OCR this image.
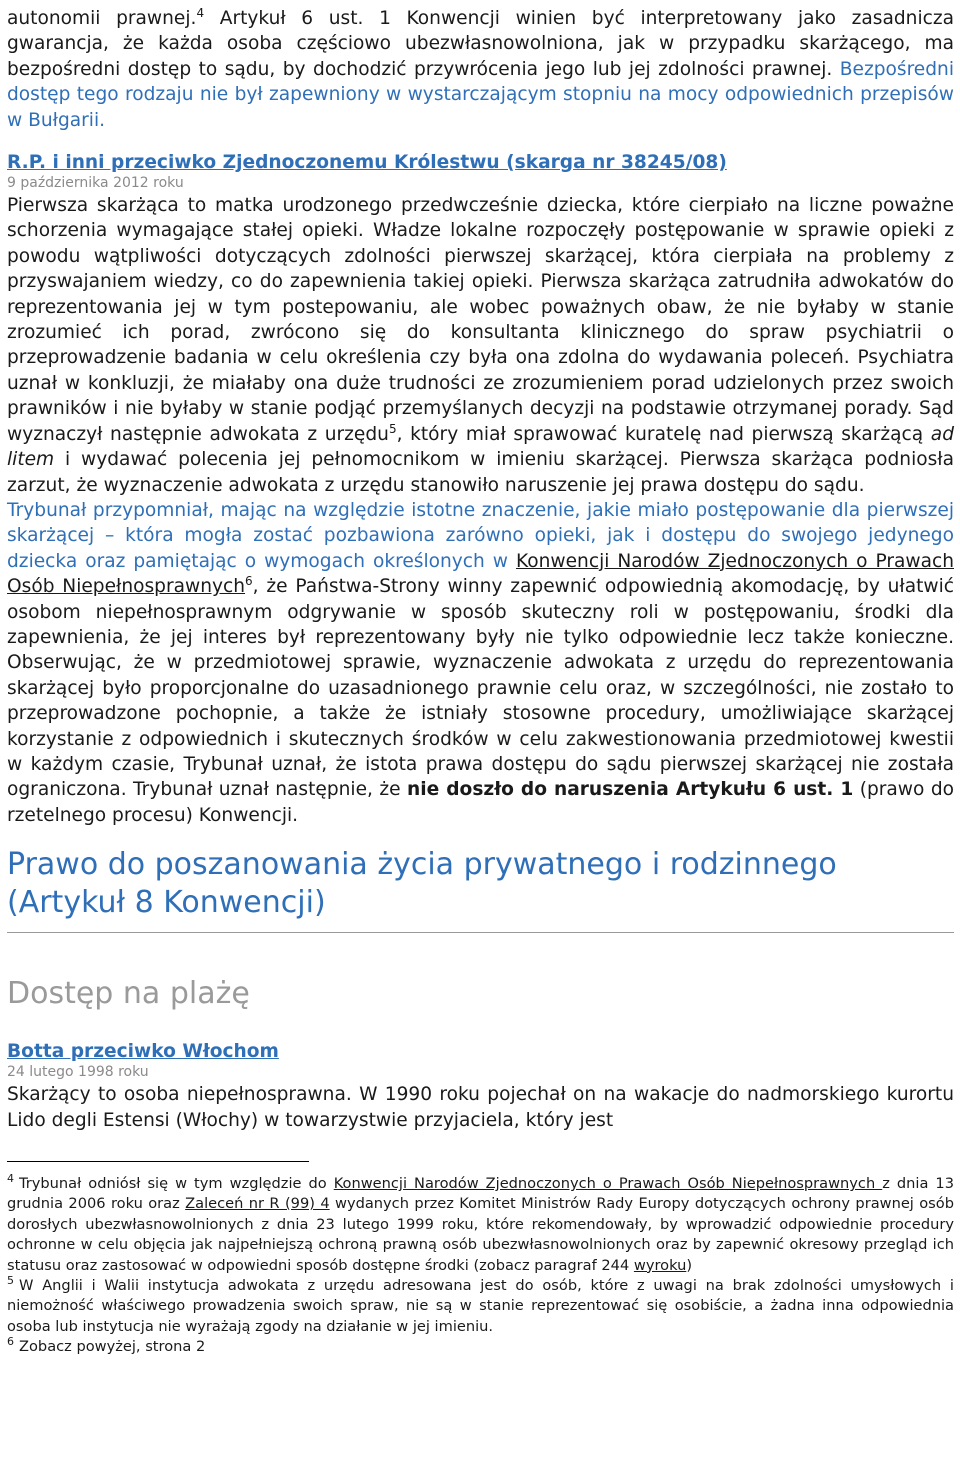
autonomii prawnej.$^4$ Artykuł 6 ust. 1 Konwencji winien być interpretowany jako zasadnicza gwarancja, że każda osoba częściowo ubezwłasnowolniona, jak w przypadku skarżącego, ma bezpośredni dostęp to sądu, by dochodzić przywrócenia jego lub jej zdolności prawnej. Bezpośredni dostęp tego rodzaju nie był zapewniony w wystarczającym stopniu na mocy odpowiednich przepisów w Bułgarii.

R.P. i inni przeciwko Zjednoczonemu Królestwu (skarga nr 38245/08)
9 października 2012 roku

Pierwsza skarżąca to matka urodzonego przedwcześnie dziecka, które cierpiało na liczne poważne schorzenia wymagające stałej opieki. Władze lokalne rozpoczęły postępowanie w sprawie opieki z powodu wątpliwości dotyczących zdolności pierwszej skarżącej, która cierpiała na problemy z przyswajaniem wiedzy, co do zapewnienia takiej opieki. Pierwsza skarżąca zatrudniła adwokatów do reprezentowania jej w tym postepowaniu, ale wobec poważnych obaw, że nie byłaby w stanie zrozumieć ich porad, zwrócono się do konsultanta klinicznego do spraw psychiatrii o przeprowadzenie badania w celu określenia czy była ona zdolna do wydawania poleceń. Psychiatra uznał w konkluzji, że miałaby ona duże trudności ze zrozumieniem porad udzielonych przez swoich prawników i nie byłaby w stanie podjąć przemyślanych decyzji na podstawie otrzymanej porady. Sąd wyznaczył następnie adwokata z urzędu$^5$, który miał sprawować kuratelę nad pierwszą skarżącą ad litem i wydawać polecenia jej pełnomocnikom w imieniu skarżącej. Pierwsza skarżąca podniosła zarzut, że wyznaczenie adwokata z urzędu stanowiło naruszenie jej prawa dostępu do sądu.

Trybunał przypomniał, mając na względzie istotne znaczenie, jakie miało postępowanie dla pierwszej skarżącej – która mogła zostać pozbawiona zarówno opieki, jak i dostępu do swojego jedynego dziecka oraz pamiętając o wymogach określonych w Konwencji Narodów Zjednoczonych o Prawach Osób Niepełnosprawnych$^6$, że Państwa-Strony winny zapewnić odpowiednią akomodację, by ułatwić osobom niepełnosprawnym odgrywanie w sposób skuteczny roli w postępowaniu, środki dla zapewnienia, że jej interes był reprezentowany były nie tylko odpowiednie lecz także konieczne. Obserwując, że w przedmiotowej sprawie, wyznaczenie adwokata z urzędu do reprezentowania skarżącej było proporcjonalne do uzasadnionego prawnie celu oraz, w szczególności, nie zostało to przeprowadzone pochopnie, a także że istniały stosowne procedury, umożliwiające skarżącej korzystanie z odpowiednich i skutecznych środków w celu zakwestionowania przedmiotowej kwestii w każdym czasie, Trybunał uznał, że istota prawa dostępu do sądu pierwszej skarżącej nie została ograniczona. Trybunał uznał następnie, że nie doszło do naruszenia Artykułu 6 ust. 1 (prawo do rzetelnego procesu) Konwencji.

Prawo do poszanowania życia prywatnego i rodzinnego (Artykuł 8 Konwencji)
Dostęp na plażę
Botta przeciwko Włochom
24 lutego 1998 roku

Skarżący to osoba niepełnosprawna. W 1990 roku pojechał on na wakacje do nadmorskiego kurortu Lido degli Estensi (Włochy) w towarzystwie przyjaciela, który jest

$^4$ Trybunał odniósł się w tym względzie do Konwencji Narodów Zjednoczonych o Prawach Osób Niepełnosprawnych z dnia 13 grudnia 2006 roku oraz Zaleceń nr R (99) 4 wydanych przez Komitet Ministrów Rady Europy dotyczących ochrony prawnej osób dorosłych ubezwłasnowolnionych z dnia 23 lutego 1999 roku, które rekomendowały, by wprowadzić odpowiednie procedury ochronne w celu objęcia jak najpełniejszą ochroną prawną osób ubezwłasnowolnionych oraz by zapewnić okresowy przegląd ich statusu oraz zastosować w odpowiedni sposób dostępne środki (zobacz paragraf 244 wyroku)

$^5$ W Anglii i Walii instytucja adwokata z urzędu adresowana jest do osób, które z uwagi na brak zdolności umysłowych i niemożność właściwego prowadzenia swoich spraw, nie są w stanie reprezentować się osobiście, a żadna inna odpowiednia osoba lub instytucja nie wyrażają zgody na działanie w jej imieniu.

$^6$ Zobacz powyżej, strona 2
